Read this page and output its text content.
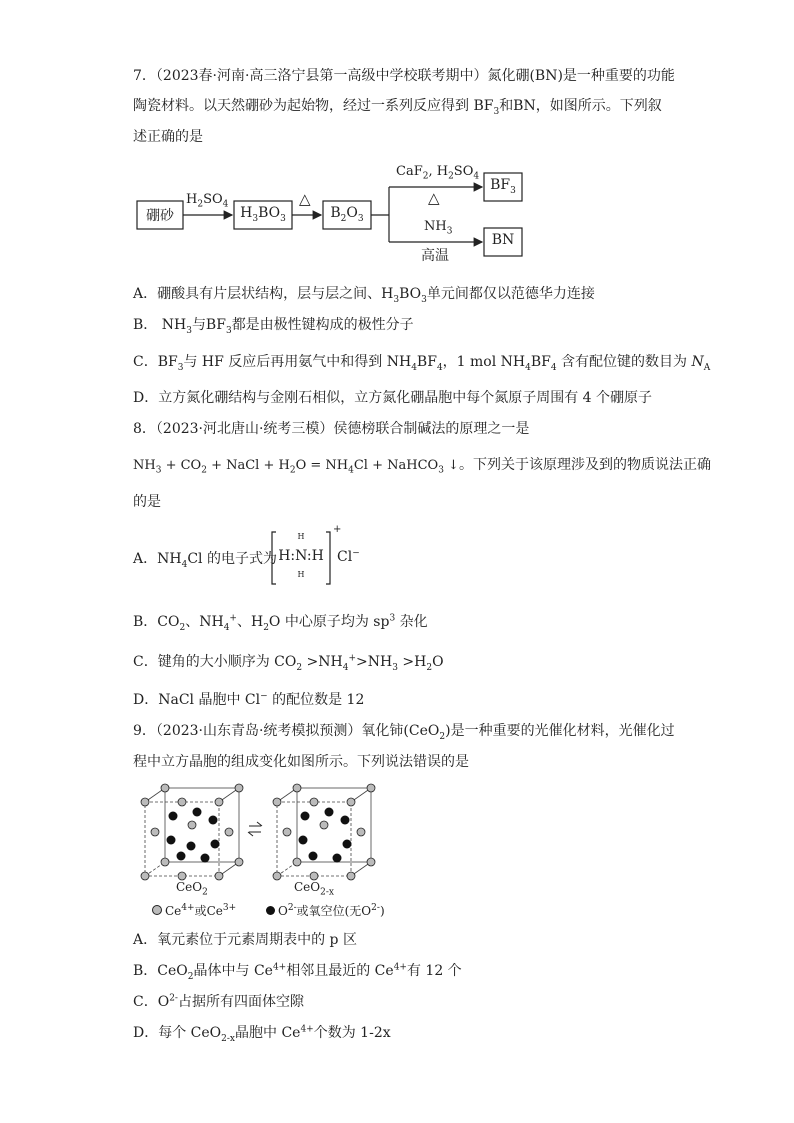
7．（2023春·河南·高三洛宁县第一高级中学校联考期中）氮化硼(BN)是一种重要的功能
陶瓷材料。以天然硼砂为起始物，经过一系列反应得到 $BF_3$和BN，如图所示。下列叙
述正确的是
硼砂
$H_2SO_4$
$H_3BO_3$
△
$B_2O_3$
CaF$_2$, $H_2SO_4$
△
$BF_3$
$NH_3$
高温
BN
A．硼酸具有片层状结构，层与层之间、$H_3BO_3$单元间都仅以范德华力连接
B． $NH_3$与$BF_3$都是由极性键构成的极性分子
C．$BF_3$与 HF 反应后再用氨气中和得到 $NH_4BF_4$，1 mol $NH_4BF_4$ 含有配位键的数目为 $N_A$
D．立方氮化硼结构与金刚石相似，立方氮化硼晶胞中每个氮原子周围有 4 个硼原子
8．（2023·河北唐山·统考三模）侯德榜联合制碱法的原理之一是
$NH_3 + CO_2$ + NaCl + $H_2O = NH_4Cl$ + NaHCO$_3$ ↓。下列关于该原理涉及到的物质说法正确
的是
A．$NH_4Cl$ 的电子式为
H
H:N:H
H
+
Cl−
B．$CO_2$、$NH_4^+$、$H_2O$ 中心原子均为 $sp^3$ 杂化
C．键角的大小顺序为 $CO_2 >NH_4^+>NH_3 >H_2O$
D．NaCl 晶胞中 Cl− 的配位数是 12
9．（2023·山东青岛·统考模拟预测）氧化铈(CeO$_2$)是一种重要的光催化材料，光催化过
程中立方晶胞的组成变化如图所示。下列说法错误的是
CeO$_2$	CeO$_{2-x}$
$Ce^{4+}$或$Ce^{3+}$	$O^{2-}$或氧空位(无$O^{2-}$)
A．氧元素位于元素周期表中的 p 区
B．CeO$_2$晶体中与 $Ce^{4+}$相邻且最近的 $Ce^{4+}$有 12 个
C．$O^{2-}$占据所有四面体空隙
D．每个 CeO$_{2-x}$晶胞中 $Ce^{4+}$个数为 1-2x
